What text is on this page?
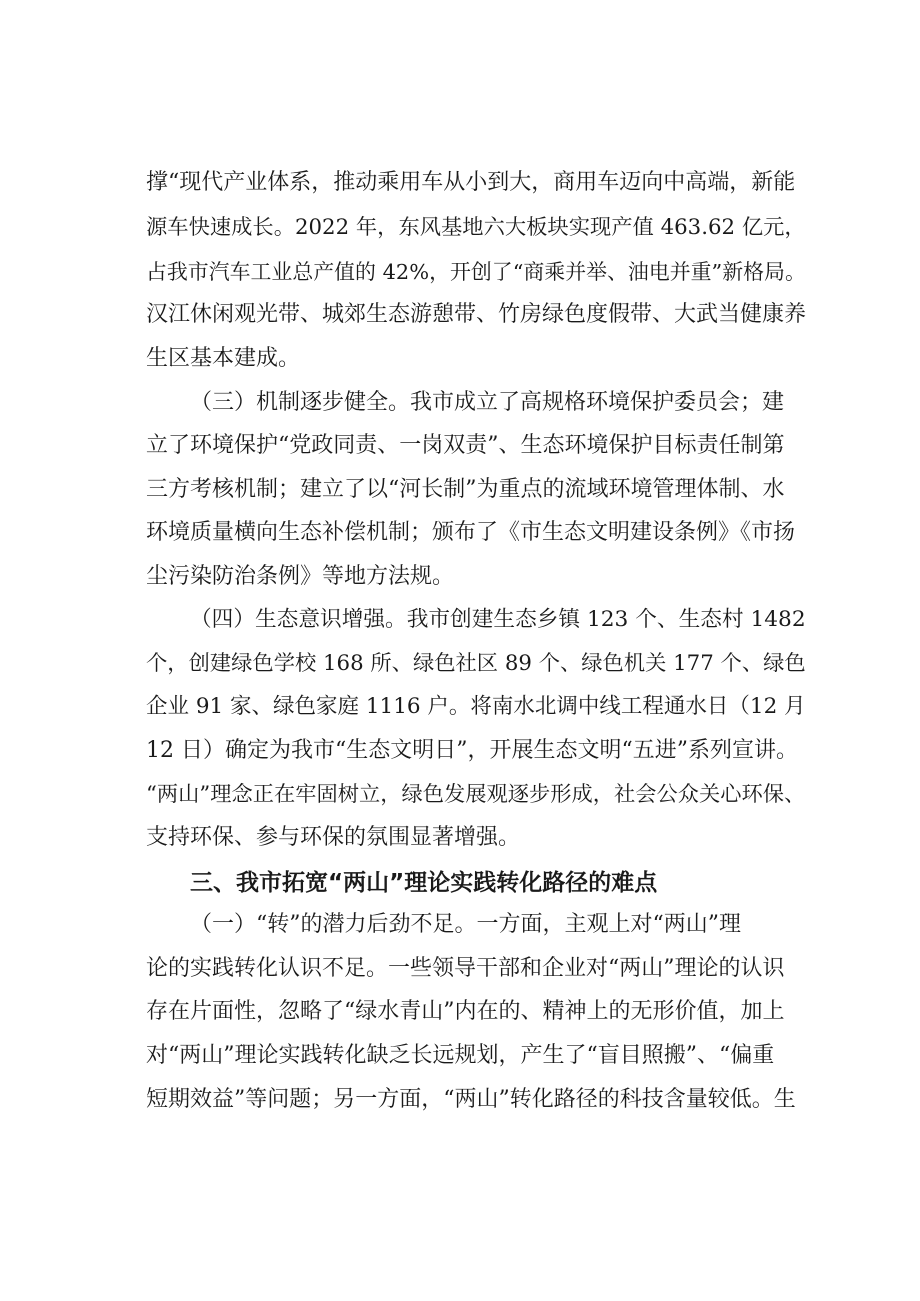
撑“现代产业体系，推动乘用车从小到大，商用车迈向中高端，新能
源车快速成长。2022 年，东风基地六大板块实现产值 463.62 亿元，
占我市汽车工业总产值的 42%，开创了“商乘并举、油电并重”新格局。
汉江休闲观光带、城郊生态游憩带、竹房绿色度假带、大武当健康养
生区基本建成。
（三）机制逐步健全。我市成立了高规格环境保护委员会；建
立了环境保护“党政同责、一岗双责”、生态环境保护目标责任制第
三方考核机制；建立了以“河长制”为重点的流域环境管理体制、水
环境质量横向生态补偿机制；颁布了《市生态文明建设条例》《市扬
尘污染防治条例》等地方法规。
（四）生态意识增强。我市创建生态乡镇 123 个、生态村 1482
个，创建绿色学校 168 所、绿色社区 89 个、绿色机关 177 个、绿色
企业 91 家、绿色家庭 1116 户。将南水北调中线工程通水日（12 月
12 日）确定为我市“生态文明日”，开展生态文明“五进”系列宣讲。
“两山”理念正在牢固树立，绿色发展观逐步形成，社会公众关心环保、
支持环保、参与环保的氛围显著增强。
三、我市拓宽“两山”理论实践转化路径的难点
（一）“转”的潜力后劲不足。一方面，主观上对“两山”理
论的实践转化认识不足。一些领导干部和企业对“两山”理论的认识
存在片面性，忽略了“绿水青山”内在的、精神上的无形价值，加上
对“两山”理论实践转化缺乏长远规划，产生了“盲目照搬”、“偏重
短期效益”等问题；另一方面，“两山”转化路径的科技含量较低。生
